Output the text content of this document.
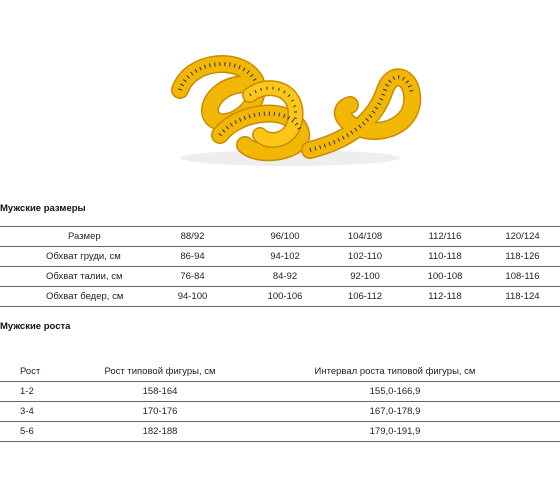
Мужские размеры
	Размер	88/92	96/100	104/108	112/116	120/124
	Обхват груди, см	86-94	94-102	102-110	110-118	118-126
	Обхват талии, см	76-84	84-92	92-100	100-108	108-116
	Обхват бедер, см	94-100	100-106	106-112	112-118	118-124
Мужские роста
Рост	Рост типовой фигуры, см	Интервал роста типовой фигуры, см
1-2	158-164	155,0-166,9
3-4	170-176	167,0-178,9
5-6	182-188	179,0-191,9
